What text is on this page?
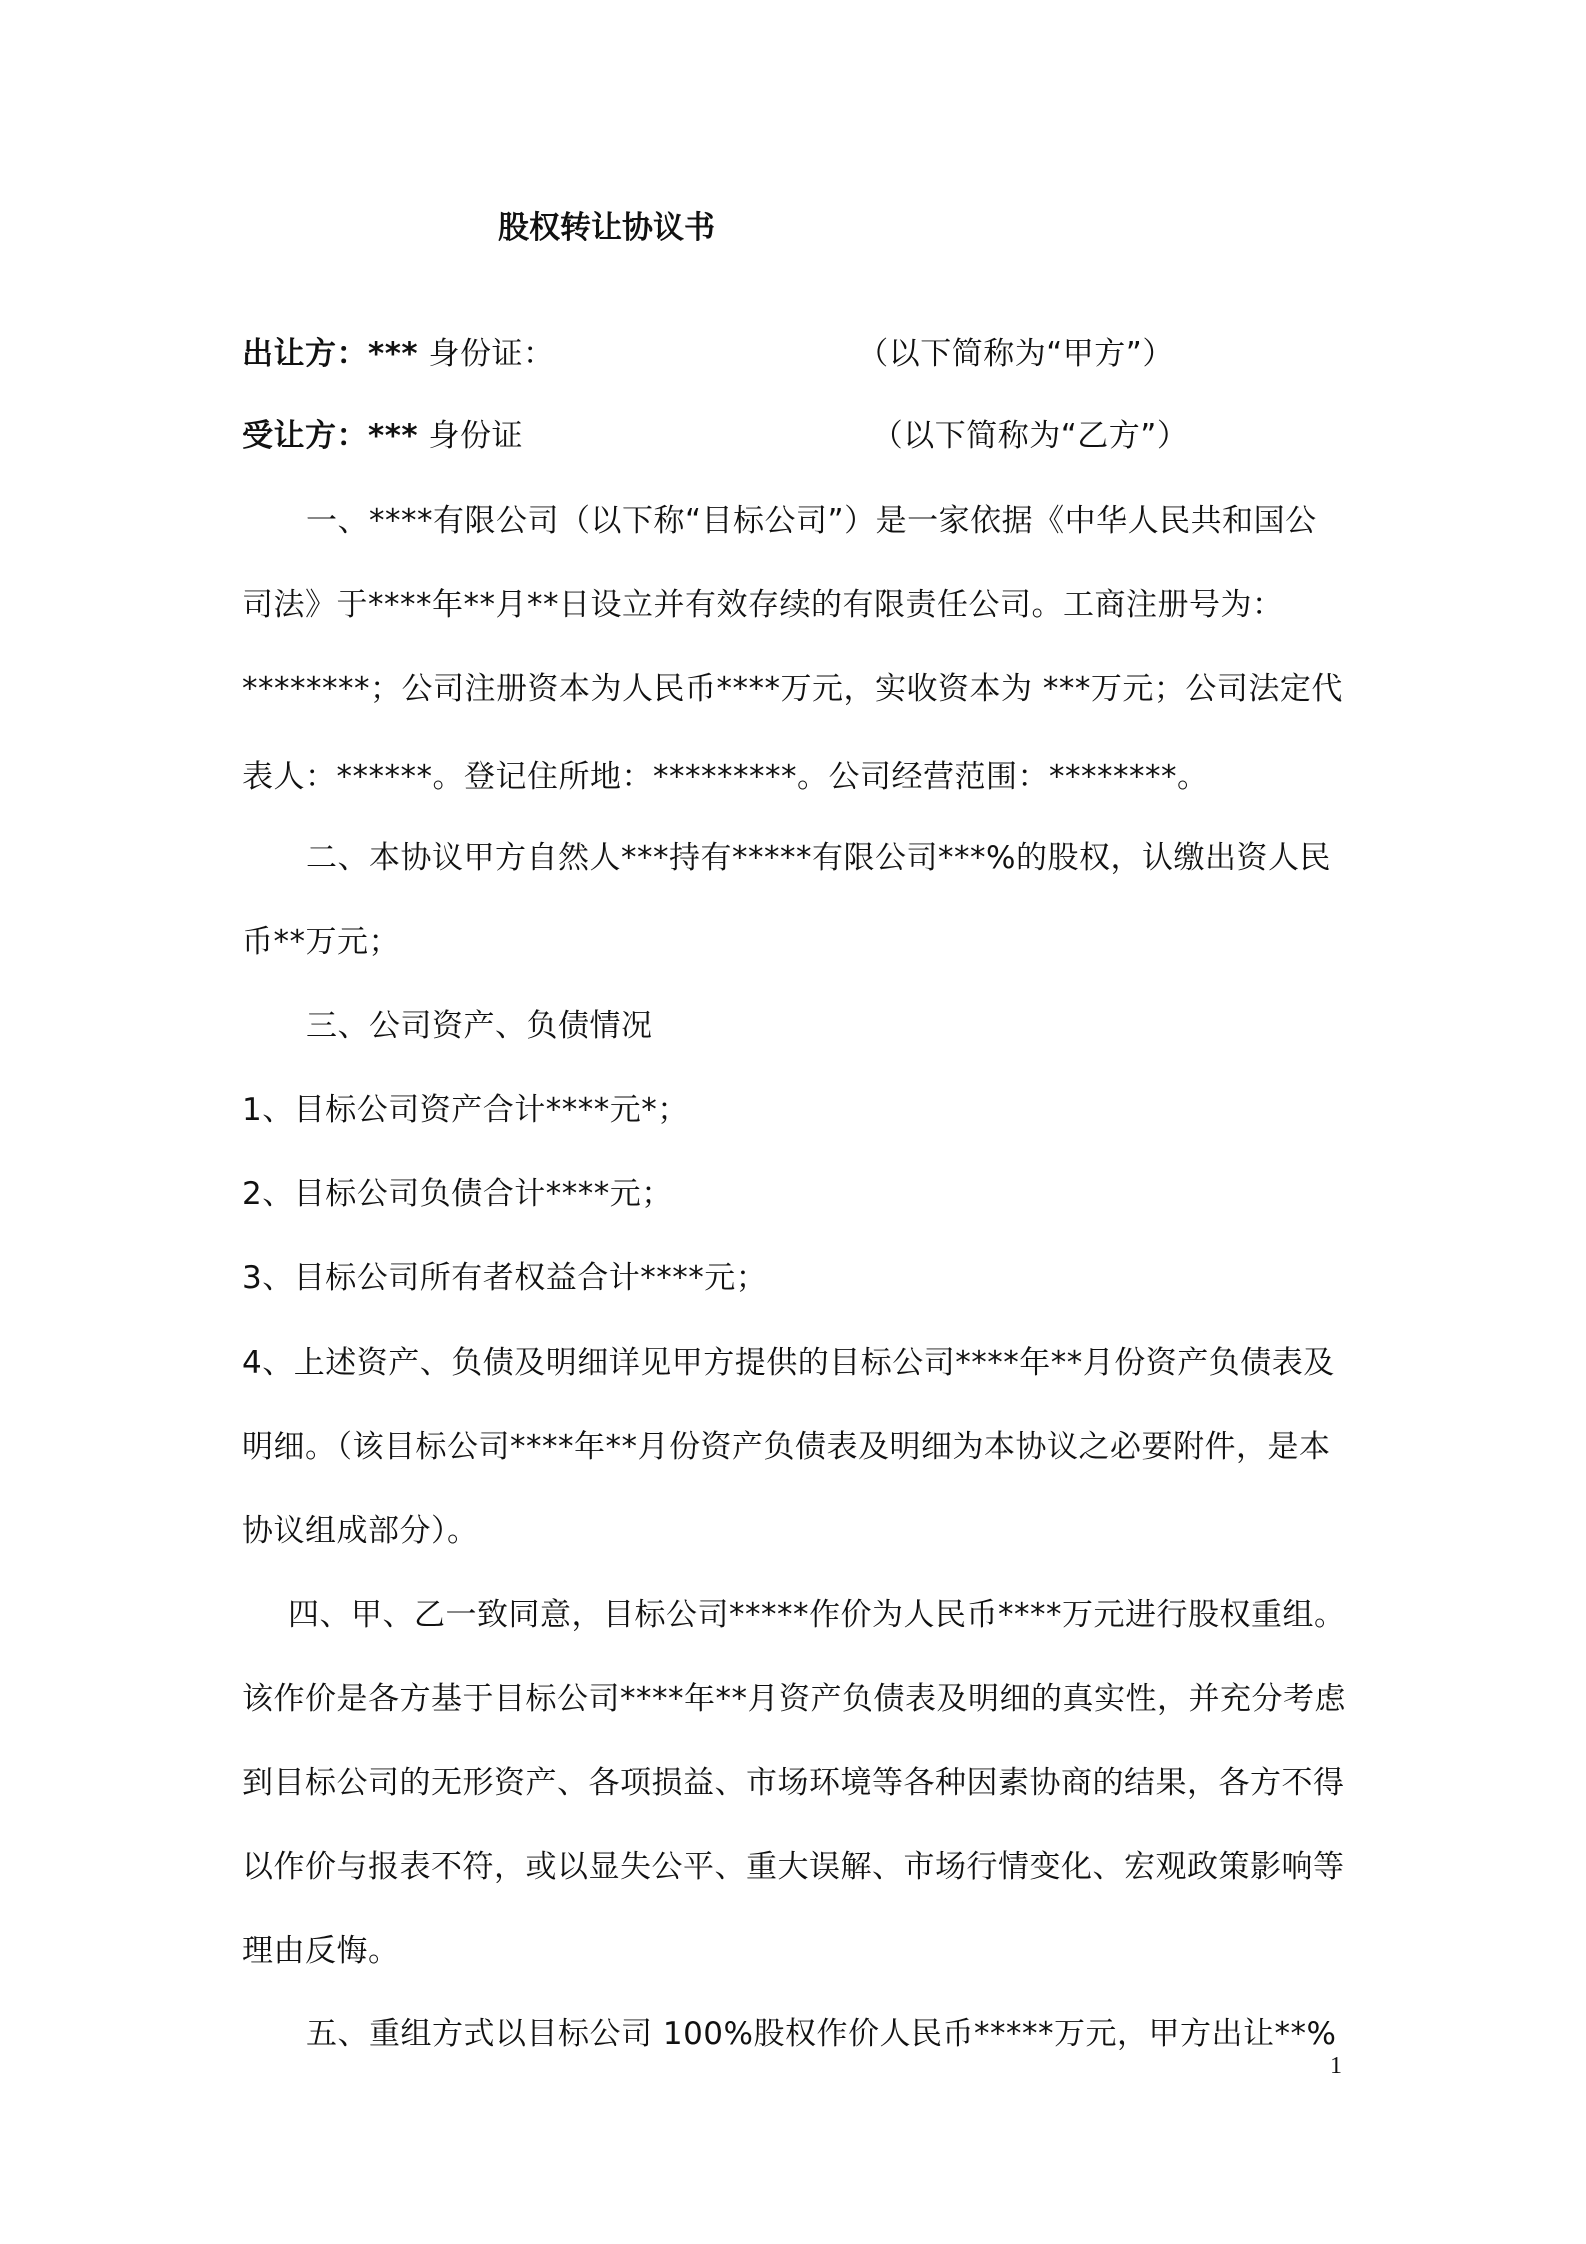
股权转让协议书
出让方：*** 身份证：	（以下简称为“甲方”）
受让方：*** 身份证	（以下简称为“乙方”）
一、****有限公司（以下称“目标公司”）是一家依据《中华人民共和国公
司法》于****年**月**日设立并有效存续的有限责任公司。工商注册号为：
********；公司注册资本为人民币****万元，实收资本为 ***万元；公司法定代
表人：******。登记住所地：*********。公司经营范围：********。
二、本协议甲方自然人***持有*****有限公司***%的股权，认缴出资人民
币**万元；
三、公司资产、负债情况
1、目标公司资产合计****元*；
2、目标公司负债合计****元；
3、目标公司所有者权益合计****元；
4、上述资产、负债及明细详见甲方提供的目标公司****年**月份资产负债表及
明细。（该目标公司****年**月份资产负债表及明细为本协议之必要附件，是本
协议组成部分）。
四、甲、乙一致同意，目标公司*****作价为人民币****万元进行股权重组。
该作价是各方基于目标公司****年**月资产负债表及明细的真实性，并充分考虑
到目标公司的无形资产、各项损益、市场环境等各种因素协商的结果，各方不得
以作价与报表不符，或以显失公平、重大误解、市场行情变化、宏观政策影响等
理由反悔。
五、重组方式以目标公司 100%股权作价人民币*****万元，甲方出让**%
1
